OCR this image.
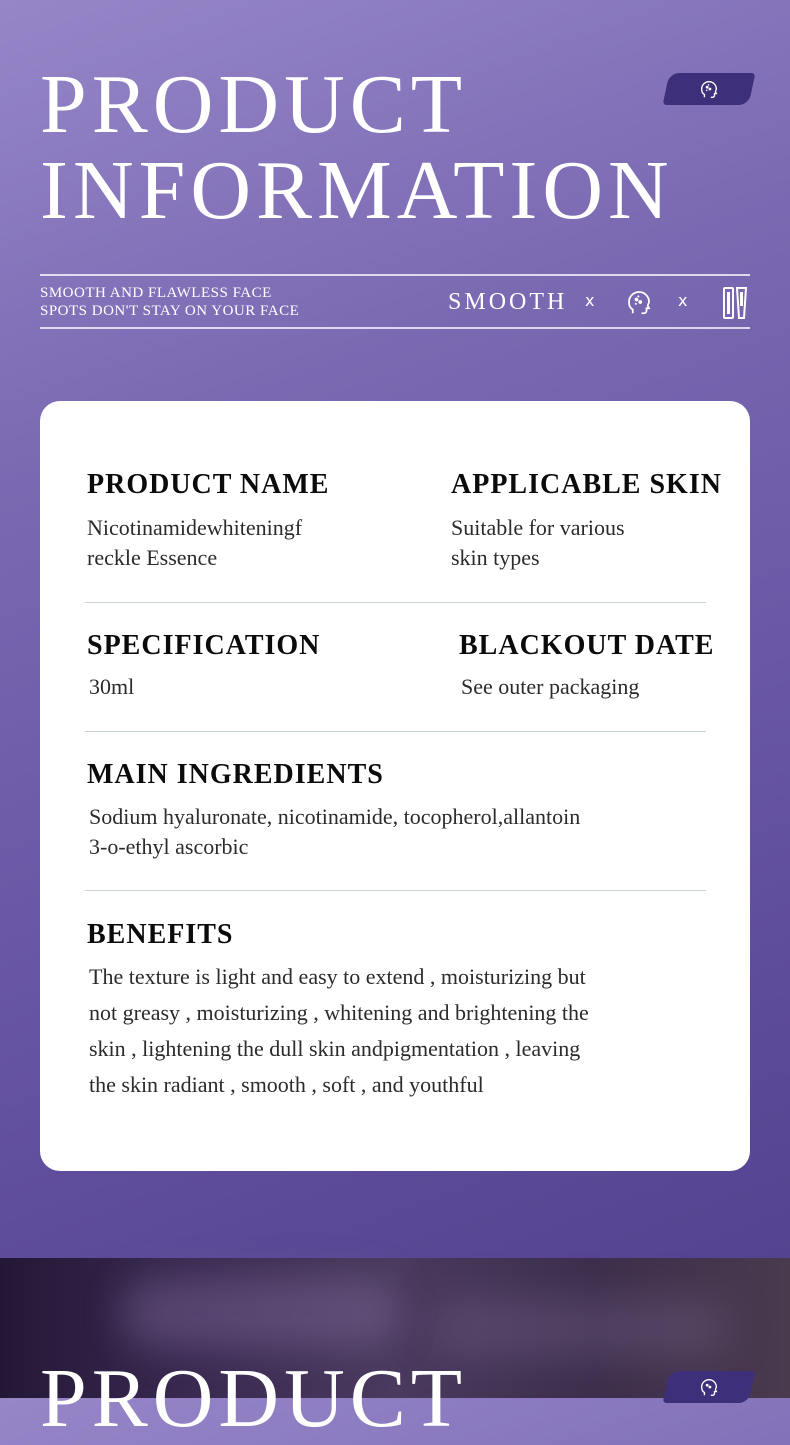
PRODUCT
INFORMATION
SMOOTH AND FLAWLESS FACE
SPOTS DON'T STAY ON YOUR FACE	SMOOTH x	x
PRODUCT NAME
Nicotinamidewhiteningf
reckle Essence
APPLICABLE SKIN
Suitable for various
skin types
SPECIFICATION
30ml
BLACKOUT DATE
See outer packaging
MAIN INGREDIENTS
Sodium hyaluronate, nicotinamide, tocopherol,allantoin
3-o-ethyl ascorbic
BENEFITS
The texture is light and easy to extend , moisturizing but
not greasy , moisturizing , whitening and brightening the
skin , lightening the dull skin andpigmentation , leaving
the skin radiant , smooth , soft , and youthful
PRODUCT
